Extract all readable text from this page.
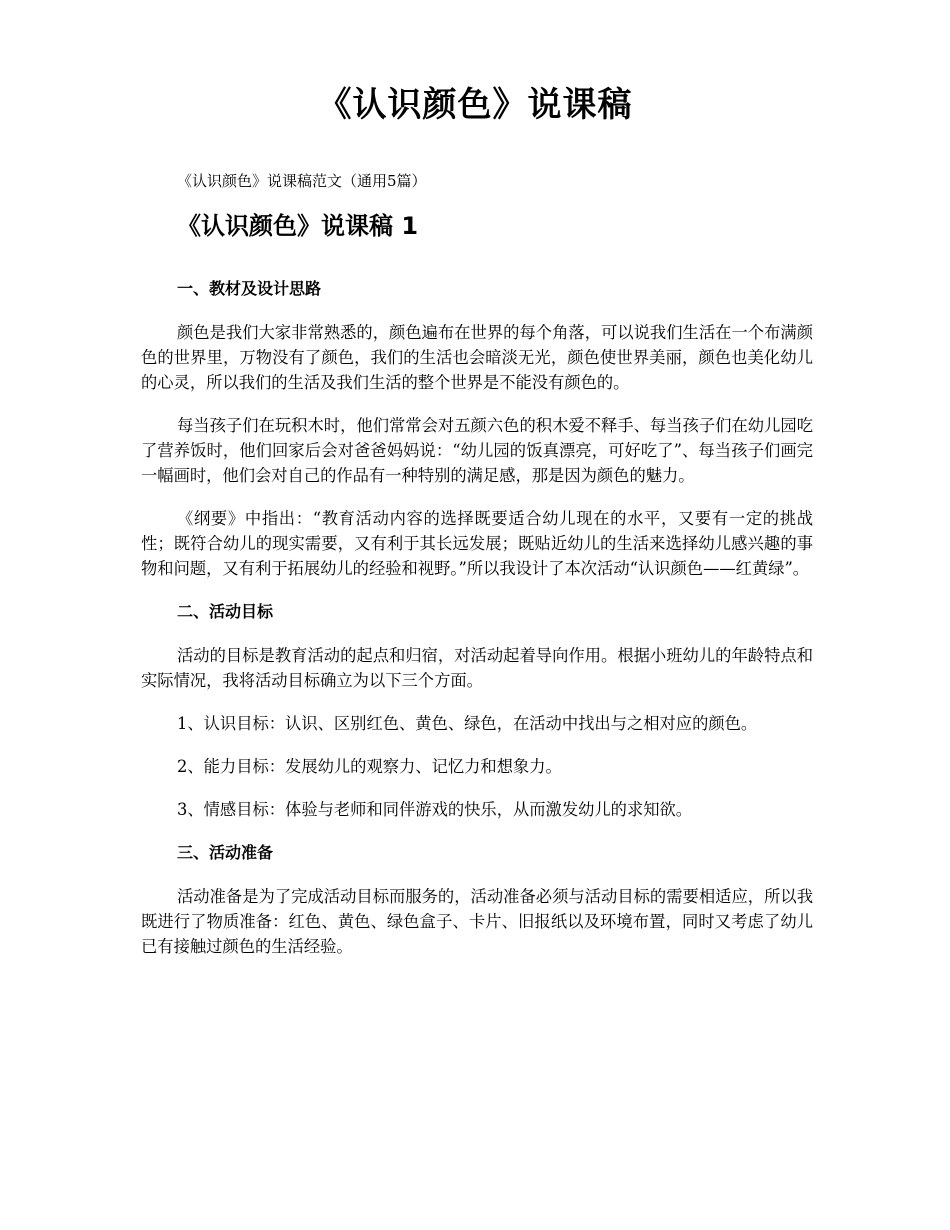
《认识颜色》说课稿

《认识颜色》说课稿范文（通用5篇）

《认识颜色》说课稿 1

一、教材及设计思路

颜色是我们大家非常熟悉的，颜色遍布在世界的每个角落，可以说我们生活在一个布满颜色的世界里，万物没有了颜色，我们的生活也会暗淡无光，颜色使世界美丽，颜色也美化幼儿的心灵，所以我们的生活及我们生活的整个世界是不能没有颜色的。

每当孩子们在玩积木时，他们常常会对五颜六色的积木爱不释手、每当孩子们在幼儿园吃了营养饭时，他们回家后会对爸爸妈妈说：“幼儿园的饭真漂亮，可好吃了”、每当孩子们画完一幅画时，他们会对自己的作品有一种特别的满足感，那是因为颜色的魅力。

《纲要》中指出：“教育活动内容的选择既要适合幼儿现在的水平，又要有一定的挑战性；既符合幼儿的现实需要，又有利于其长远发展；既贴近幼儿的生活来选择幼儿感兴趣的事物和问题，又有利于拓展幼儿的经验和视野。”所以我设计了本次活动“认识颜色——红黄绿”。

二、活动目标

活动的目标是教育活动的起点和归宿，对活动起着导向作用。根据小班幼儿的年龄特点和实际情况，我将活动目标确立为以下三个方面。

1、认识目标：认识、区别红色、黄色、绿色，在活动中找出与之相对应的颜色。

2、能力目标：发展幼儿的观察力、记忆力和想象力。

3、情感目标：体验与老师和同伴游戏的快乐，从而激发幼儿的求知欲。

三、活动准备

活动准备是为了完成活动目标而服务的，活动准备必须与活动目标的需要相适应，所以我既进行了物质准备：红色、黄色、绿色盒子、卡片、旧报纸以及环境布置，同时又考虑了幼儿已有接触过颜色的生活经验。
